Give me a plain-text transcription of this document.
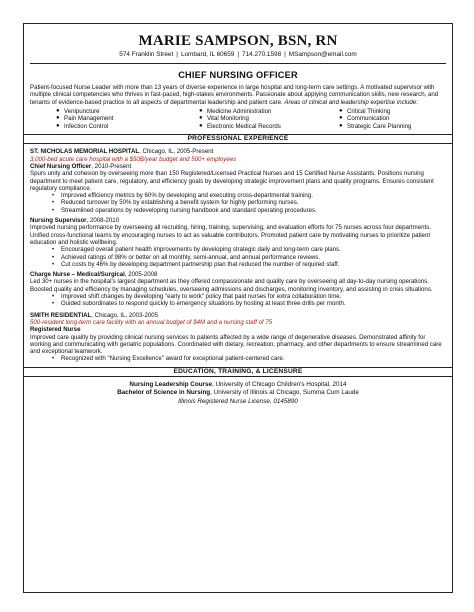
MARIE SAMPSON, BSN, RN
574 Franklin Street | Lombard, IL 60659 | 714.270.1598 | MSampson@email.com
CHIEF NURSING OFFICER
Patient-focused Nurse Leader with more than 13 years of diverse experience in large hospital and long-term care settings. A motivated supervisor with multiple clinical competencies who thrives in fast-paced, high-stakes environments. Passionate about applying communication skills, new research, and tenants of evidence-based practice to all aspects of departmental leadership and patient care. Areas of clinical and leadership expertise include:
● Venipuncture	● Medicine Administration	● Critical Thinking
● Pain Management	● Vital Monitoring	● Communication
● Infection Control	● Electronic Medical Records	● Strategic Care Planning
PROFESSIONAL EXPERIENCE
ST. NICHOLAS MEMORIAL HOSPITAL, Chicago, IL, 2005-Present
3,000-bed acute care hospital with a $50B/year budget and 500+ employees
Chief Nursing Officer, 2010-Present
Spurs unity and cohesion by overseeing more than 150 Registered/Licensed Practical Nurses and 15 Certified Nurse Assistants. Positions nursing department to meet patient care, regulatory, and efficiency goals by developing strategic improvement plans and quality programs. Ensures consistent regulatory compliance.
•	Improved efficiency metrics by 60% by developing and executing cross-departmental training.
•	Reduced turnover by 50% by establishing a benefit system for highly performing nurses.
•	Streamlined operations by redeveloping nursing handbook and standard operating procedures.
Nursing Supervisor, 2008-2010
Improved nursing performance by overseeing all recruiting, hiring, training, supervising, and evaluation efforts for 75 nurses across four departments. Unified cross-functional teams by encouraging nurses to act as valuable contributors. Promoted patient care by motivating nurses to prioritize patient education and holistic wellbeing.
•	Encouraged overall patient health improvements by developing strategic daily and long-term care plans.
•	Achieved ratings of 98% or better on all monthly, semi-annual, and annual performance reviews.
•	Cut costs by 46% by developing department partnership plan that reduced the number of required staff.
Charge Nurse – Medical/Surgical, 2005-2008
Led 30+ nurses in the hospital's largest department as they offered compassionate and quality care by overseeing all day-to-day nursing operations. Boosted quality and efficiency by managing schedules, overseeing admissions and discharges, monitoring inventory, and assisting in crisis situations.
•	Improved shift changes by developing "early to work" policy that paid nurses for extra collaboration time.
•	Guided subordinates to respond quickly to emergency situations by hosting at least three drills per month.
SMITH RESIDENTIAL, Chicago, IL, 2003-2005
500-resident long-term care facility with an annual budget of $4M and a nursing staff of 75
Registered Nurse
Improved care quality by providing clinical nursing services to patients affected by a wide range of degenerative diseases. Demonstrated affinity for working and communicating with geriatric populations. Coordinated with dietary, recreation, pharmacy, and other departments to ensure streamlined care and exceptional teamwork.
•	Recognized with "Nursing Excellence" award for exceptional patient-centered care.
EDUCATION, TRAINING, & LICENSURE
Nursing Leadership Course, University of Chicago Children's Hospital, 2014
Bachelor of Science in Nursing, University of Illinois at Chicago, Summa Cum Laude
Illinois Registered Nurse License, 0145890
